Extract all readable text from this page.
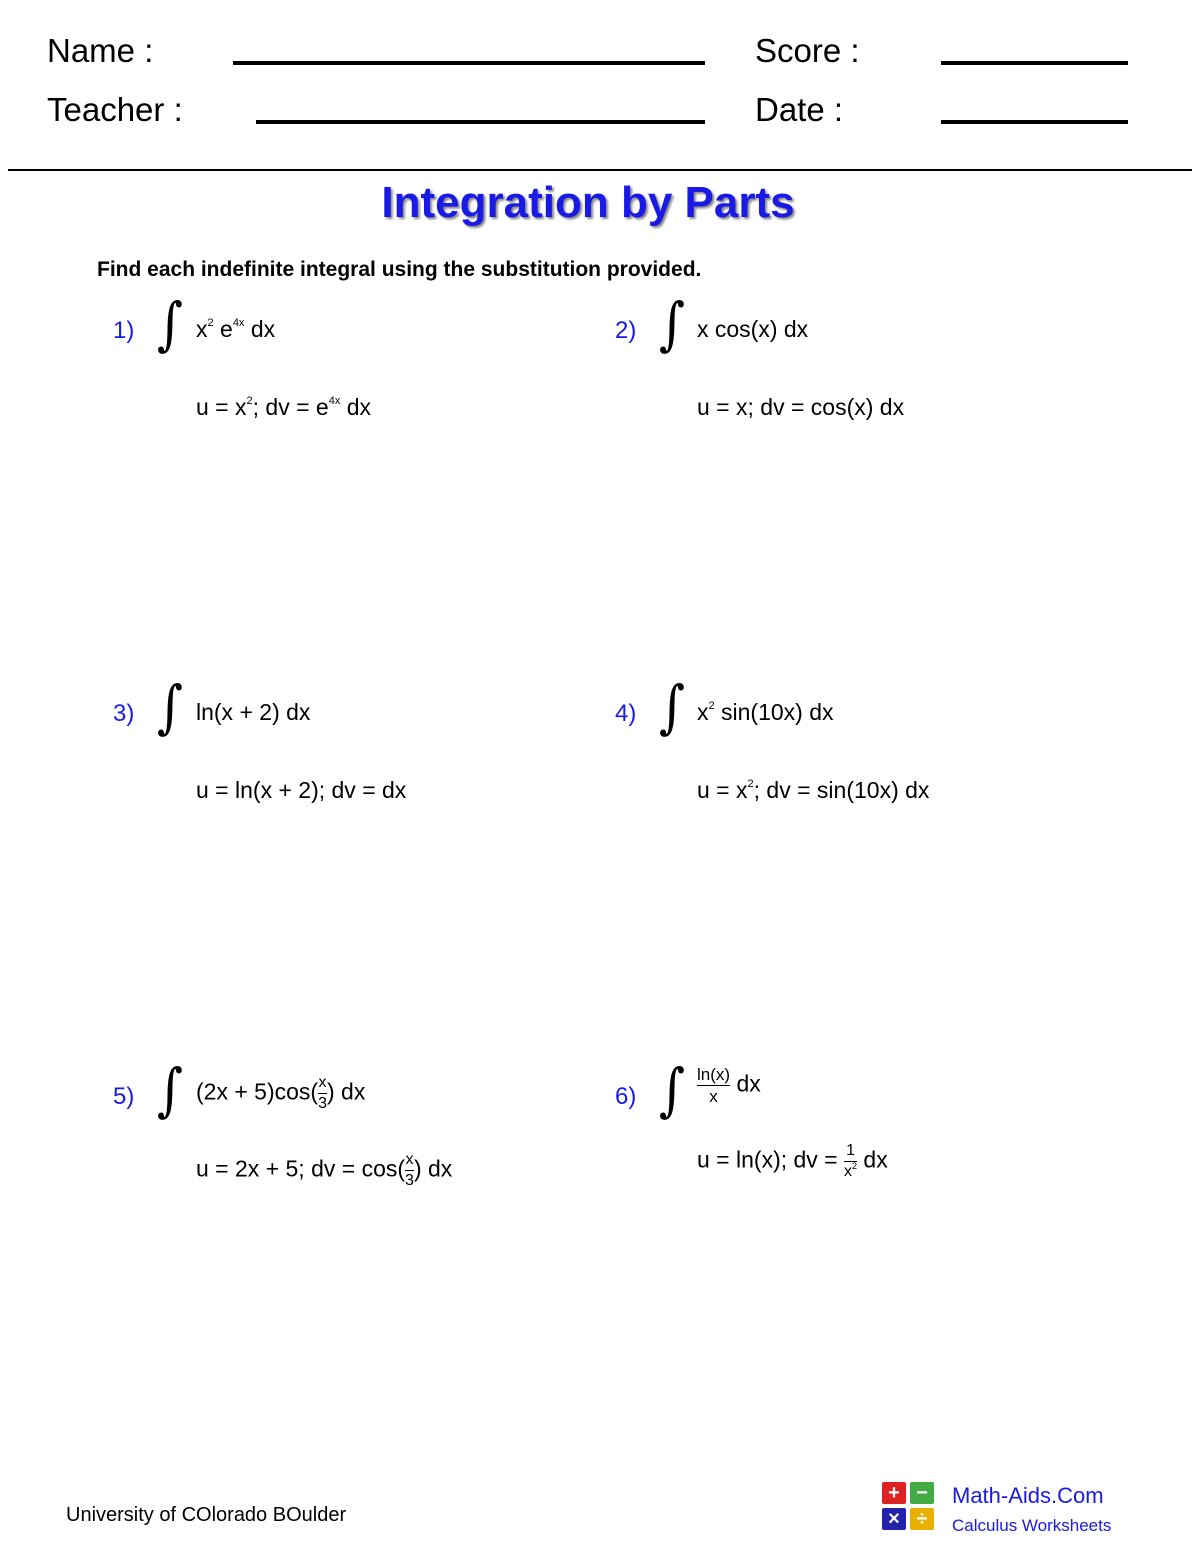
Name :
Teacher :
Score :
Date :
Integration by Parts
Find each indefinite integral using the substitution provided.
1) ∫ $x^2$ $e^{4x}$ dx
$u = x^2$; dv = $e^{4x}$ dx
2) ∫ x cos(x) dx
u = x; dv = cos(x) dx
3) ∫ ln(x + 2) dx
u = ln(x + 2); dv = dx
4) ∫ $x^2$ sin(10x) dx
$u = x^2$; dv = sin(10x) dx
5) ∫ $(2x + 5)\cos( \frac{x}{3}$ ) dx
u = 2x + 5; dv = $\cos( \frac{x}{3}$ ) dx
6) ∫ $\frac{\ln(x)}{x}$ dx
u = ln(x); dv = $\frac{1}{x^2}$ dx
University of COlorado BOulder
+ −
× ÷
Math-Aids.Com
Calculus Worksheets
